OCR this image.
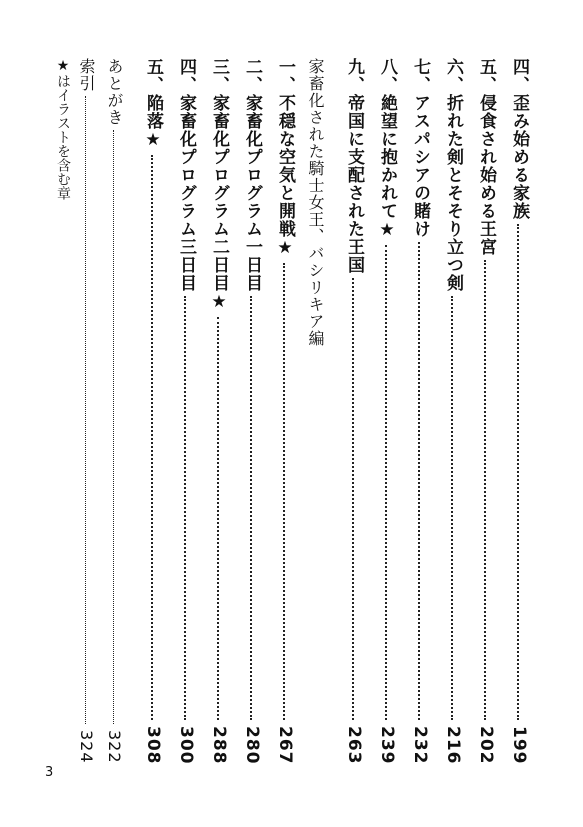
四、歪み始める家族
199
五、侵食され始める王宮
202
六、折れた剣とそそり立つ剣
216
七、アスパシアの賭け
232
八、絶望に抱かれて★
239
九、帝国に支配された王国
263
家畜化された騎士女王、バシリキア編
一、不穏な空気と開戦★
267
二、家畜化プログラム一日目
280
三、家畜化プログラム二日目★
288
四、家畜化プログラム三日目
300
五、陥落★
308
あとがき
322
索引
324
★はイラストを含む章
3
